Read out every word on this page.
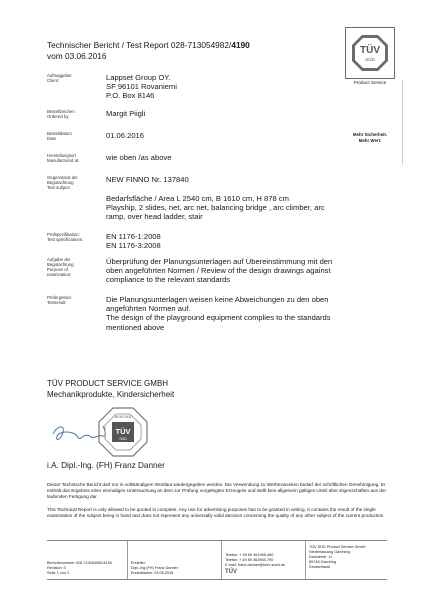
Technischer Bericht / Test Report 028-713054982/4190
vom 03.06.2016	TÜV
SÜD
Product Service
Mehr Sicherheit.
Mehr Wert.
Auftraggeber
Client:	Lappset Group OY.
SF 96101 Rovaniemi
P.O. Box 8146
Bestellzeichen
Ordered by	Margit Piigli
Bestelldatum
Date	01.06.2016
Herstellungsort
Manufactured at:	wie oben /as above
Gegenstand der
Begutachtung
Test subject
NEW FINNO Nr. 137840
Bedarfsfläche / Area L 2540 cm, B 1610 cm, H 878 cm
Playship, 2 slides, net, arc net, balancing bridge , arc climber, arc
ramp, over head ladder, stair
Prüfspezifikation:
Test specifications:	EN 1176-1:2008
EN 1176-3:2008
Aufgabe der
Begutachtung
Purpose of
examination:
Überprüfung der Planungsunterlagen auf Übereinstimmung mit den
oben angeführten Normen / Review of the design drawings against
compliance to the relevant standards
Prüfergebnis
Testresult:	Die Planungsunterlagen weisen keine Abweichungen zu den oben
angeführten Normen auf.
The design of the playground equipment complies to the standards
mentioned above
TÜV PRODUCT SERVICE GMBH
Mechanikprodukte, Kindersicherheit
MÜNCHEN
TÜV
SÜD
i.A. Dipl.-Ing. (FH) Franz Danner
Dieser Technische Bericht darf nur in vollständigem Wortlaut wiedergegeben werden. Die Verwendung zu Werbezwecken bedarf der schriftlichen Genehmigung. Er enthält das Ergebnis einer einmaligen Untersuchung an dem zur Prüfung vorgelegten Erzeugnis und stellt kein allgemein gültiges Urteil über Eigenschaften aus der laufenden Fertigung dar.
This Technical Report is only allowed to be quoted in complete. Any use for advertising purposes has to be granted in writing. It contains the result of the single examination of the subject being in hand and does not represent any universally valid decision concerning the quality of any other subject of the current production
Berichtsnummer 028-713054982/4190
Revision: 0
Seite 1 von 1
Ersteller:
Dipl.-Ing (FH) Franz Danner
Erstelldatum: 03.06.2016
Telefon: + 49 89 361965-460
Telefax: + 49 89 361965-790
E-mail: franz.danner@tuev-sued.de
TÜV
TÜV SÜD Product Service GmbH
Niederlassung Garching
Daimlerstr. 11
85748 Garching
Deutschland
